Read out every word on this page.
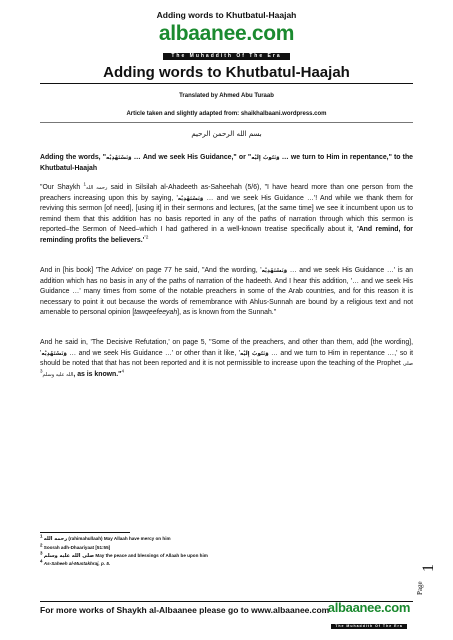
Adding words to Khutbatul-Haajah
albaanee.com
The Muhaddith Of The Era
Adding words to Khutbatul-Haajah
Translated by Ahmed Abu Turaab
Article taken and slightly adapted from: shaikhalbaani.wordpress.com
بسم الله الرحمن الرحيم
Adding the words, "وَنَسْتَهْدِيْه … And we seek His Guidance," or "وَنَتُوبُ إِلَيْه … we turn to Him in repentance," to the Khutbatul-Haajah
"Our Shaykh رحمه الله$^1$	said in Silsilah al-Ahadeeth as-Saheehah (5/6), "I have heard more than one person from the preachers increasing upon this by saying, 'وَنَسْتَهْدِيْه … and we seek His Guidance …'! And while we thank them for reviving this sermon [of need], [using it] in their sermons and lectures, [at the same time] we see it incumbent upon us to remind them that this addition has no basis reported in any of the paths of narration through which this sermon is reported–the Sermon of Need–which I had gathered in a well-known treatise specifically about it, 'And remind, for reminding profits the $believers.'^{"2}$
And in [his book] 'The Advice' on page 77 he said, "And the wording, 'وَنَسْتَهْدِيْه … and we seek His Guidance …' is an addition which has no basis in any of the paths of narration of the hadeeth. And I hear this addition, '… and we seek His Guidance …' many times from some of the notable preachers in some of the Arab countries, and for this reason it is necessary to point it out because the words of remembrance with Ahlus-Sunnah are bound by a religious text and not amenable to personal opinion [tawqeefeeyah], as is known from the Sunnah."
And he said in, 'The Decisive Refutation,' on page 5, "Some of the preachers, and other than them, add [the wording], 'وَنَسْتَهْدِيْه … and we seek His Guidance …' or other than it like, 'وَنَتُوبُ إِلَيْه … and we turn to Him in repentance …,' so it should be noted that that has not been reported and it is not permissible to increase upon the teaching of the Prophet صلى الله عليه وسلم$^3$	, as is known."$^4$
$^1$ رحمه الله (rahimahullaah) May Allaah have mercy on him
$^2$ Soorah adh-Dhaariyaat [51:55]
$^3$ صلى الله عليه وسلم May the peace and blessings of Allaah be upon him
$^4$ As-Saheeh al-Mustakhraj, p. 5.
Page
1
For more works of Shaykh al-Albaanee please go to www.albaanee.com
albaanee.com
The Muhaddith Of The Era
